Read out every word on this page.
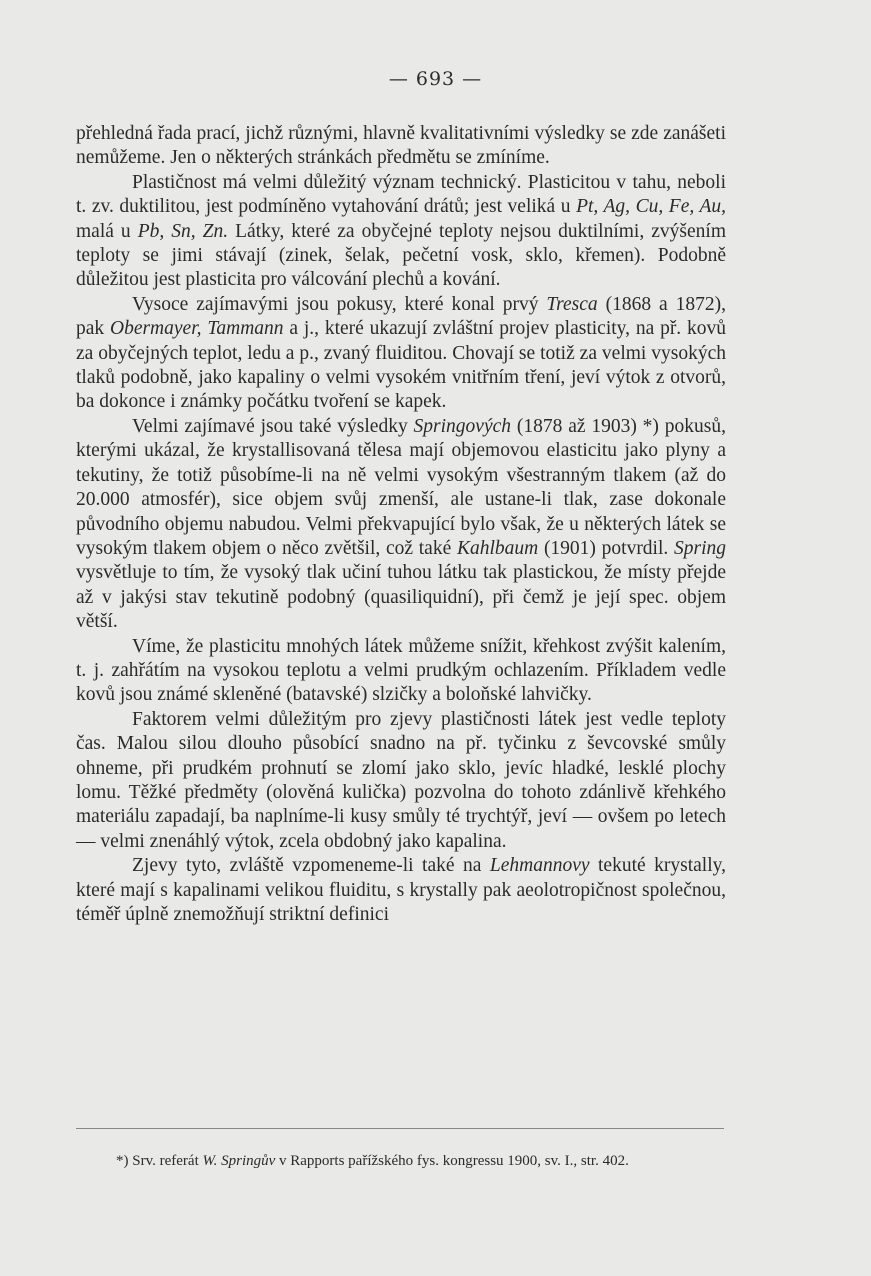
— 693 —

přehledná řada prací, jichž různými, hlavně kvalitativními výsledky se zde zanášeti nemůžeme. Jen o některých stránkách předmětu se zmíníme.

Plastičnost má velmi důležitý význam technický. Plasticitou v tahu, neboli t. zv. duktilitou, jest podmíněno vytahování drátů; jest veliká u Pt, Ag, Cu, Fe, Au, malá u Pb, Sn, Zn. Látky, které za obyčejné teploty nejsou duktilními, zvýšením teploty se jimi stávají (zinek, šelak, pečetní vosk, sklo, křemen). Podobně důležitou jest plasticita pro válcování plechů a kování.

Vysoce zajímavými jsou pokusy, které konal prvý Tresca (1868 a 1872), pak Obermayer, Tammann a j., které ukazují zvláštní projev plasticity, na př. kovů za obyčejných teplot, ledu a p., zvaný fluiditou. Chovají se totiž za velmi vysokých tlaků podobně, jako kapaliny o velmi vysokém vnitřním tření, jeví výtok z otvorů, ba dokonce i známky počátku tvoření se kapek.

Velmi zajímavé jsou také výsledky Springových (1878 až 1903) *) pokusů, kterými ukázal, že krystallisovaná tělesa mají objemovou elasticitu jako plyny a tekutiny, že totiž působíme-li na ně velmi vysokým všestranným tlakem (až do 20.000 atmosfér), sice objem svůj zmenší, ale ustane-li tlak, zase dokonale původního objemu nabudou. Velmi překvapující bylo však, že u některých látek se vysokým tlakem objem o něco zvětšil, což také Kahlbaum (1901) potvrdil. Spring vysvětluje to tím, že vysoký tlak učiní tuhou látku tak plastickou, že místy přejde až v jakýsi stav tekutině podobný (quasiliquidní), při čemž je její spec. objem větší.

Víme, že plasticitu mnohých látek můžeme snížit, křehkost zvýšit kalením, t. j. zahřátím na vysokou teplotu a velmi prudkým ochlazením. Příkladem vedle kovů jsou známé skleněné (batavské) slzičky a boloňské lahvičky.

Faktorem velmi důležitým pro zjevy plastičnosti látek jest vedle teploty čas. Malou silou dlouho působící snadno na př. tyčinku z ševcovské smůly ohneme, při prudkém prohnutí se zlomí jako sklo, jevíc hladké, lesklé plochy lomu. Těžké předměty (olověná kulička) pozvolna do tohoto zdánlivě křehkého materiálu zapadají, ba naplníme-li kusy smůly té trychtýř, jeví — ovšem po letech — velmi znenáhlý výtok, zcela obdobný jako kapalina.

Zjevy tyto, zvláště vzpomeneme-li také na Lehmannovy tekuté krystally, které mají s kapalinami velikou fluiditu, s krystally pak aeolotropičnost společnou, téměř úplně znemožňují striktní definici

*) Srv. referát W. Springův v Rapports pařížského fys. kongressu 1900, sv. I., str. 402.
